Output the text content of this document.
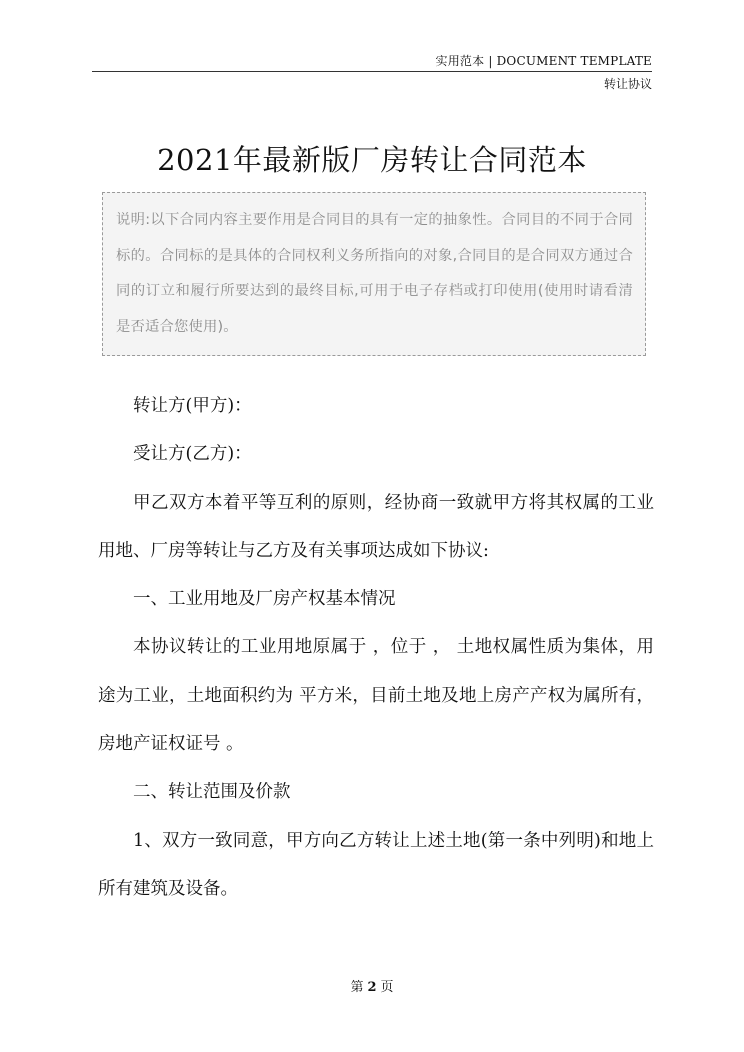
实用范本 | DOCUMENT TEMPLATE
转让协议
2021年最新版厂房转让合同范本
说明:以下合同内容主要作用是合同目的具有一定的抽象性。合同目的不同于合同标的。合同标的是具体的合同权利义务所指向的对象,合同目的是合同双方通过合同的订立和履行所要达到的最终目标,可用于电子存档或打印使用(使用时请看清是否适合您使用)。

转让方(甲方)：

受让方(乙方)：

甲乙双方本着平等互利的原则，经协商一致就甲方将其权属的工业用地、厂房等转让与乙方及有关事项达成如下协议:

一、工业用地及厂房产权基本情况

本协议转让的工业用地原属于 ，位于 ， 土地权属性质为集体，用途为工业，土地面积约为 平方米，目前土地及地上房产产权为属所有，房地产证权证号 。

二、转让范围及价款

1、双方一致同意，甲方向乙方转让上述土地(第一条中列明)和地上所有建筑及设备。

第 2 页
